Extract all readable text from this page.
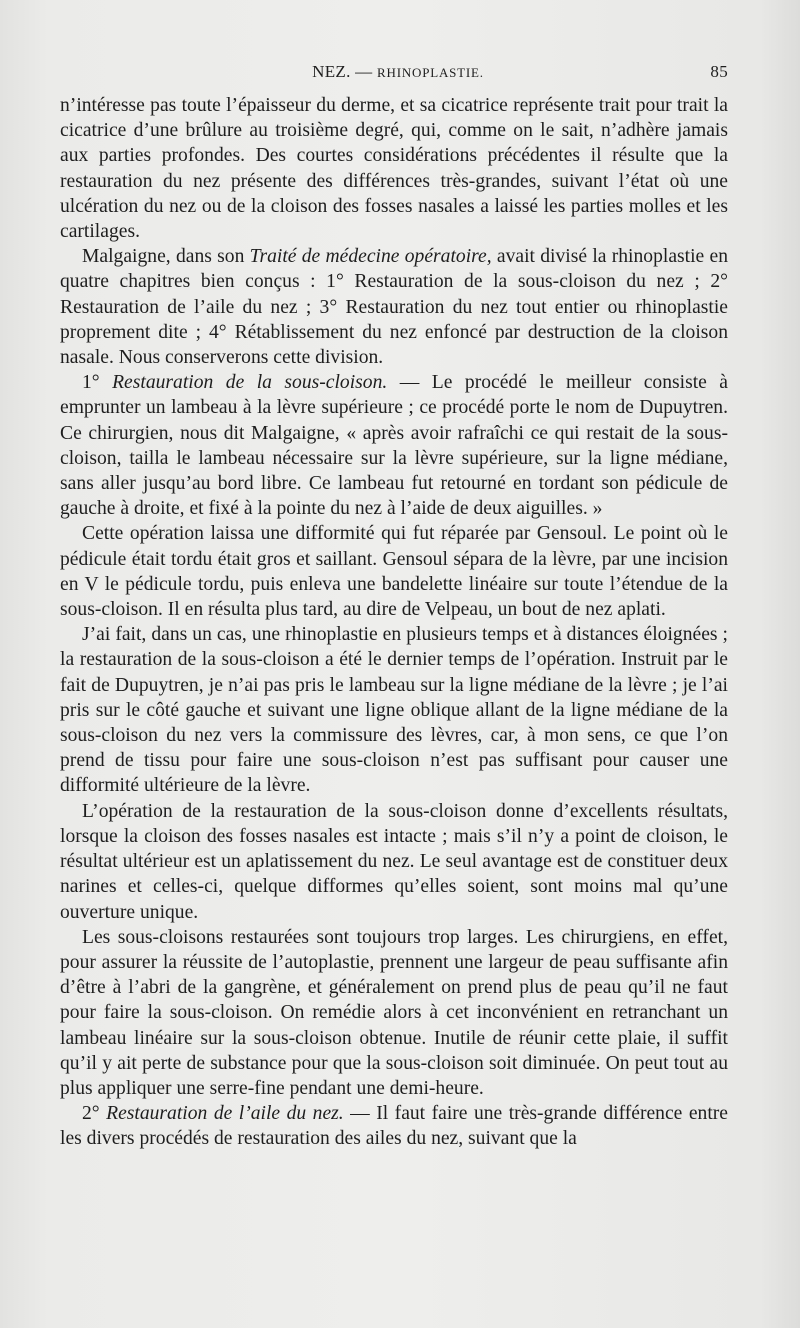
NEZ. — RHINOPLASTIE.	85

n’intéresse pas toute l’épaisseur du derme, et sa cicatrice représente trait pour trait la cicatrice d’une brûlure au troisième degré, qui, comme on le sait, n’adhère jamais aux parties profondes. Des courtes considérations précédentes il résulte que la restauration du nez présente des différences très-grandes, suivant l’état où une ulcération du nez ou de la cloison des fosses nasales a laissé les parties molles et les cartilages.

Malgaigne, dans son Traité de médecine opératoire, avait divisé la rhinoplastie en quatre chapitres bien conçus : 1° Restauration de la sous-cloison du nez ; 2° Restauration de l’aile du nez ; 3° Restauration du nez tout entier ou rhinoplastie proprement dite ; 4° Rétablissement du nez enfoncé par destruction de la cloison nasale. Nous conserverons cette division.

1° Restauration de la sous-cloison. — Le procédé le meilleur consiste à emprunter un lambeau à la lèvre supérieure ; ce procédé porte le nom de Dupuytren. Ce chirurgien, nous dit Malgaigne, « après avoir rafraîchi ce qui restait de la sous-cloison, tailla le lambeau nécessaire sur la lèvre supérieure, sur la ligne médiane, sans aller jusqu’au bord libre. Ce lambeau fut retourné en tordant son pédicule de gauche à droite, et fixé à la pointe du nez à l’aide de deux aiguilles. »

Cette opération laissa une difformité qui fut réparée par Gensoul. Le point où le pédicule était tordu était gros et saillant. Gensoul sépara de la lèvre, par une incision en V le pédicule tordu, puis enleva une bandelette linéaire sur toute l’étendue de la sous-cloison. Il en résulta plus tard, au dire de Velpeau, un bout de nez aplati.

J’ai fait, dans un cas, une rhinoplastie en plusieurs temps et à distances éloignées ; la restauration de la sous-cloison a été le dernier temps de l’opération. Instruit par le fait de Dupuytren, je n’ai pas pris le lambeau sur la ligne médiane de la lèvre ; je l’ai pris sur le côté gauche et suivant une ligne oblique allant de la ligne médiane de la sous-cloison du nez vers la commissure des lèvres, car, à mon sens, ce que l’on prend de tissu pour faire une sous-cloison n’est pas suffisant pour causer une difformité ultérieure de la lèvre.

L’opération de la restauration de la sous-cloison donne d’excellents résultats, lorsque la cloison des fosses nasales est intacte ; mais s’il n’y a point de cloison, le résultat ultérieur est un aplatissement du nez. Le seul avantage est de constituer deux narines et celles-ci, quelque difformes qu’elles soient, sont moins mal qu’une ouverture unique.

Les sous-cloisons restaurées sont toujours trop larges. Les chirurgiens, en effet, pour assurer la réussite de l’autoplastie, prennent une largeur de peau suffisante afin d’être à l’abri de la gangrène, et généralement on prend plus de peau qu’il ne faut pour faire la sous-cloison. On remédie alors à cet inconvénient en retranchant un lambeau linéaire sur la sous-cloison obtenue. Inutile de réunir cette plaie, il suffit qu’il y ait perte de substance pour que la sous-cloison soit diminuée. On peut tout au plus appliquer une serre-fine pendant une demi-heure.

2° Restauration de l’aile du nez. — Il faut faire une très-grande différence entre les divers procédés de restauration des ailes du nez, suivant que la
